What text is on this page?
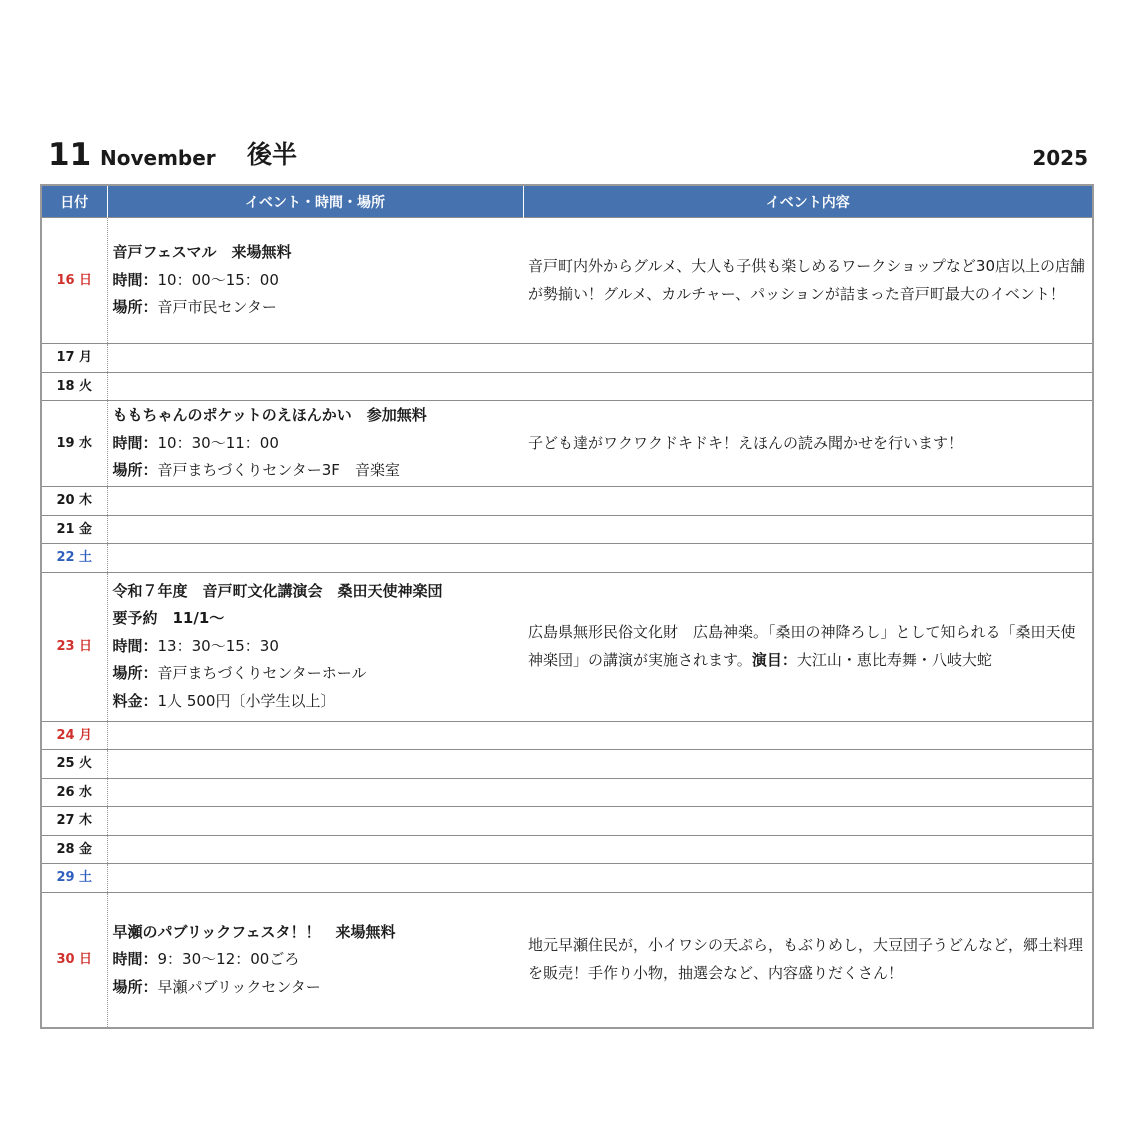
11 November 後半	2025
日付	イベント・時間・場所	イベント内容
16 日	音戸フェスマル　来場無料
時間：10：00～15：00
場所：音戸市民センター	音戸町内外からグルメ、大人も子供も楽しめるワークショップなど30店以上の店舗が勢揃い！グルメ、カルチャー、パッションが詰まった音戸町最大のイベント！
17 月		
18 火		
19 水	ももちゃんのポケットのえほんかい　参加無料
時間：10：30～11：00
場所：音戸まちづくりセンター3F　音楽室	子ども達がワクワクドキドキ！えほんの読み聞かせを行います！
20 木		
21 金		
22 土		
23 日	令和７年度　音戸町文化講演会　桑田天使神楽団
要予約　11/1～
時間：13：30～15：30
場所：音戸まちづくりセンターホール
料金：1人 500円〔小学生以上〕	広島県無形民俗文化財　広島神楽。「桑田の神降ろし」として知られる「桑田天使神楽団」の講演が実施されます。演目：大江山・恵比寿舞・八岐大蛇
24 月		
25 火		
26 水		
27 木		
28 金		
29 土		
30 日	早瀬のパブリックフェスタ！！　来場無料
時間：9：30～12：00ごろ
場所：早瀬パブリックセンター	地元早瀬住民が，小イワシの天ぷら，もぶりめし，大豆団子うどんなど，郷土料理を販売！手作り小物，抽選会など、内容盛りだくさん！
